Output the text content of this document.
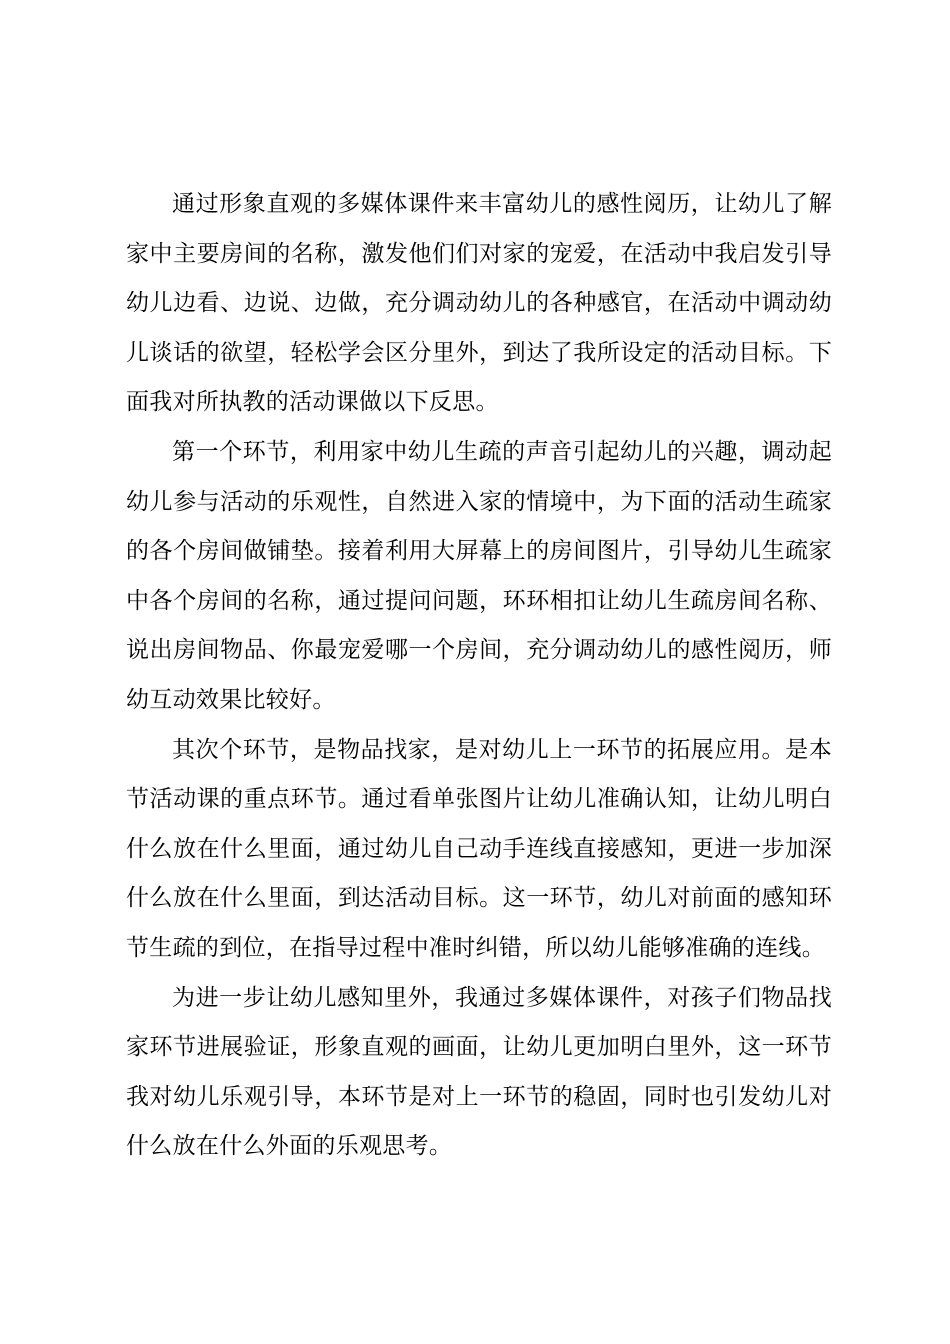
通过形象直观的多媒体课件来丰富幼儿的感性阅历，让幼儿了解家中主要房间的名称，激发他们们对家的宠爱，在活动中我启发引导幼儿边看、边说、边做，充分调动幼儿的各种感官，在活动中调动幼儿谈话的欲望，轻松学会区分里外，到达了我所设定的活动目标。下面我对所执教的活动课做以下反思。

第一个环节，利用家中幼儿生疏的声音引起幼儿的兴趣，调动起幼儿参与活动的乐观性，自然进入家的情境中，为下面的活动生疏家的各个房间做铺垫。接着利用大屏幕上的房间图片，引导幼儿生疏家中各个房间的名称，通过提问问题，环环相扣让幼儿生疏房间名称、说出房间物品、你最宠爱哪一个房间，充分调动幼儿的感性阅历，师幼互动效果比较好。

其次个环节，是物品找家，是对幼儿上一环节的拓展应用。是本节活动课的重点环节。通过看单张图片让幼儿准确认知，让幼儿明白什么放在什么里面，通过幼儿自己动手连线直接感知，更进一步加深什么放在什么里面，到达活动目标。这一环节，幼儿对前面的感知环节生疏的到位，在指导过程中准时纠错，所以幼儿能够准确的连线。

为进一步让幼儿感知里外，我通过多媒体课件，对孩子们物品找家环节进展验证，形象直观的画面，让幼儿更加明白里外，这一环节我对幼儿乐观引导，本环节是对上一环节的稳固，同时也引发幼儿对什么放在什么外面的乐观思考。
